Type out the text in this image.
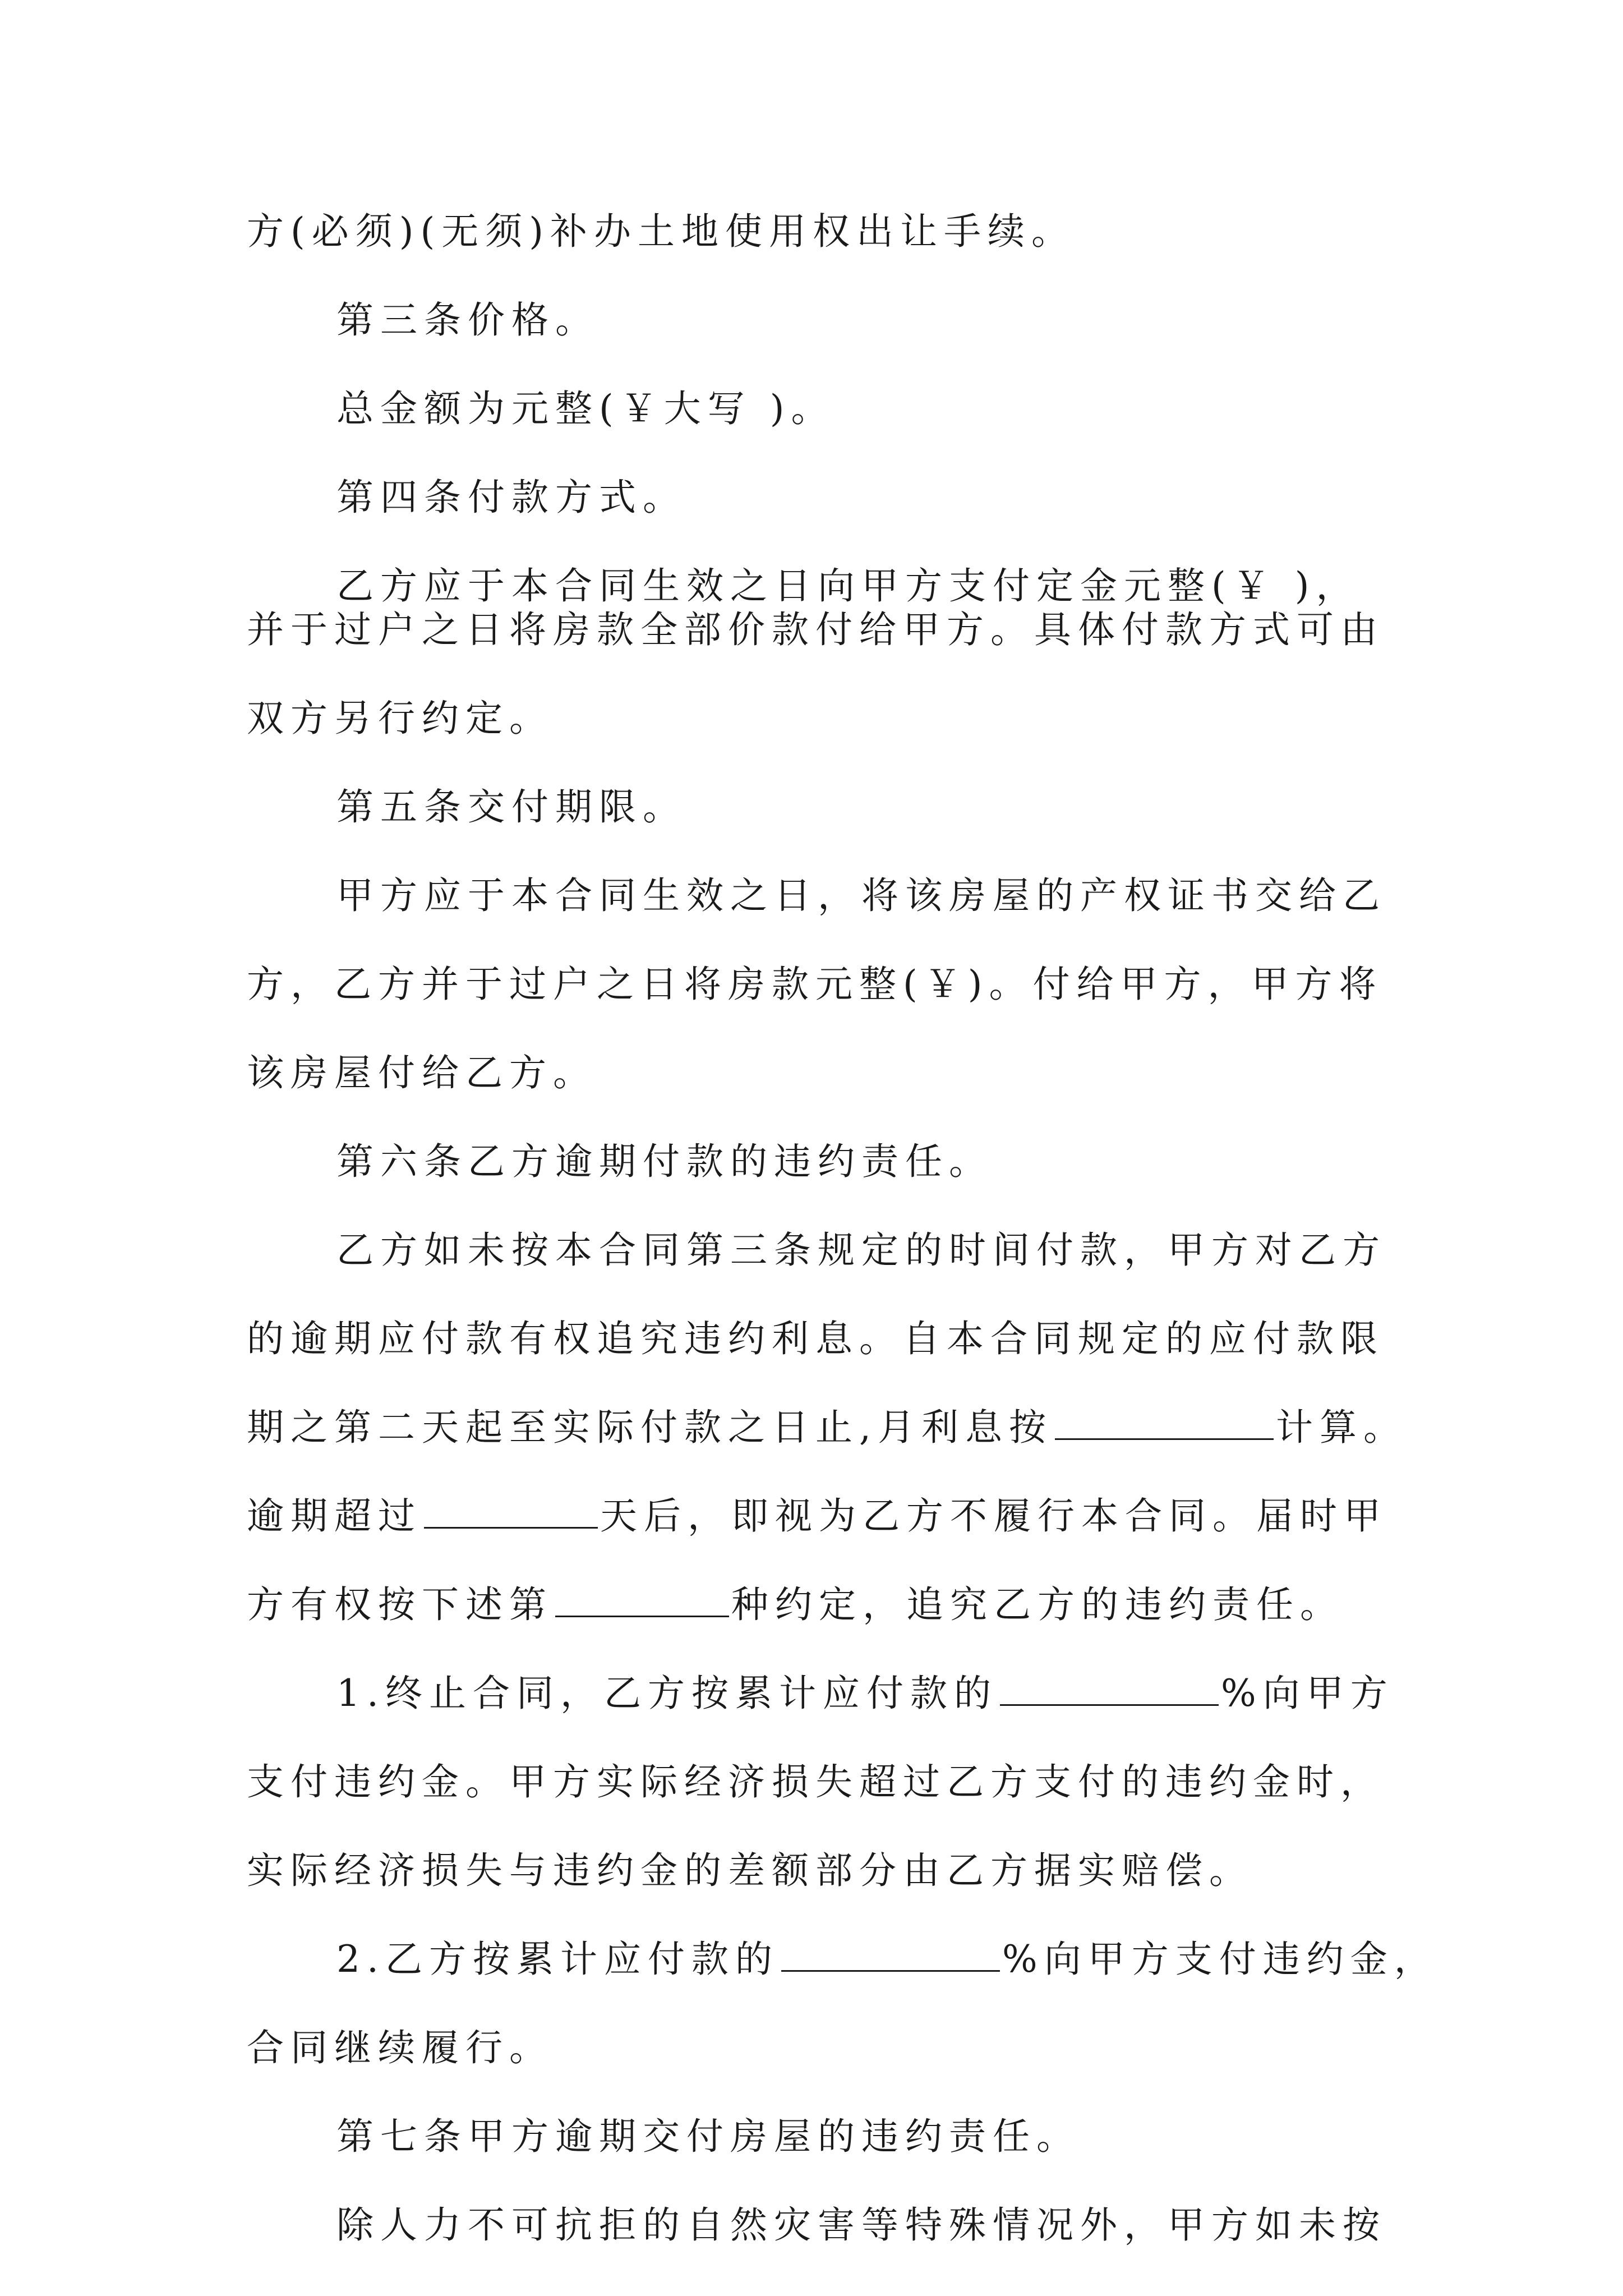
方(必须)(无须)补办土地使用权出让手续。
第三条价格。
总金额为元整(￥大写 )。
第四条付款方式。
乙方应于本合同生效之日向甲方支付定金元整(￥ )，
并于过户之日将房款全部价款付给甲方。具体付款方式可由
双方另行约定。
第五条交付期限。
甲方应于本合同生效之日，将该房屋的产权证书交给乙
方，乙方并于过户之日将房款元整(￥)。付给甲方，甲方将
该房屋付给乙方。
第六条乙方逾期付款的违约责任。
乙方如未按本合同第三条规定的时间付款，甲方对乙方
的逾期应付款有权追究违约利息。自本合同规定的应付款限
期之第二天起至实际付款之日止,月利息按	计算。
逾期超过	天后，即视为乙方不履行本合同。届时甲
方有权按下述第	种约定，追究乙方的违约责任。
1.终止合同，乙方按累计应付款的	%向甲方
支付违约金。甲方实际经济损失超过乙方支付的违约金时，
实际经济损失与违约金的差额部分由乙方据实赔偿。
2.乙方按累计应付款的	%向甲方支付违约金，
合同继续履行。
第七条甲方逾期交付房屋的违约责任。
除人力不可抗拒的自然灾害等特殊情况外，甲方如未按
